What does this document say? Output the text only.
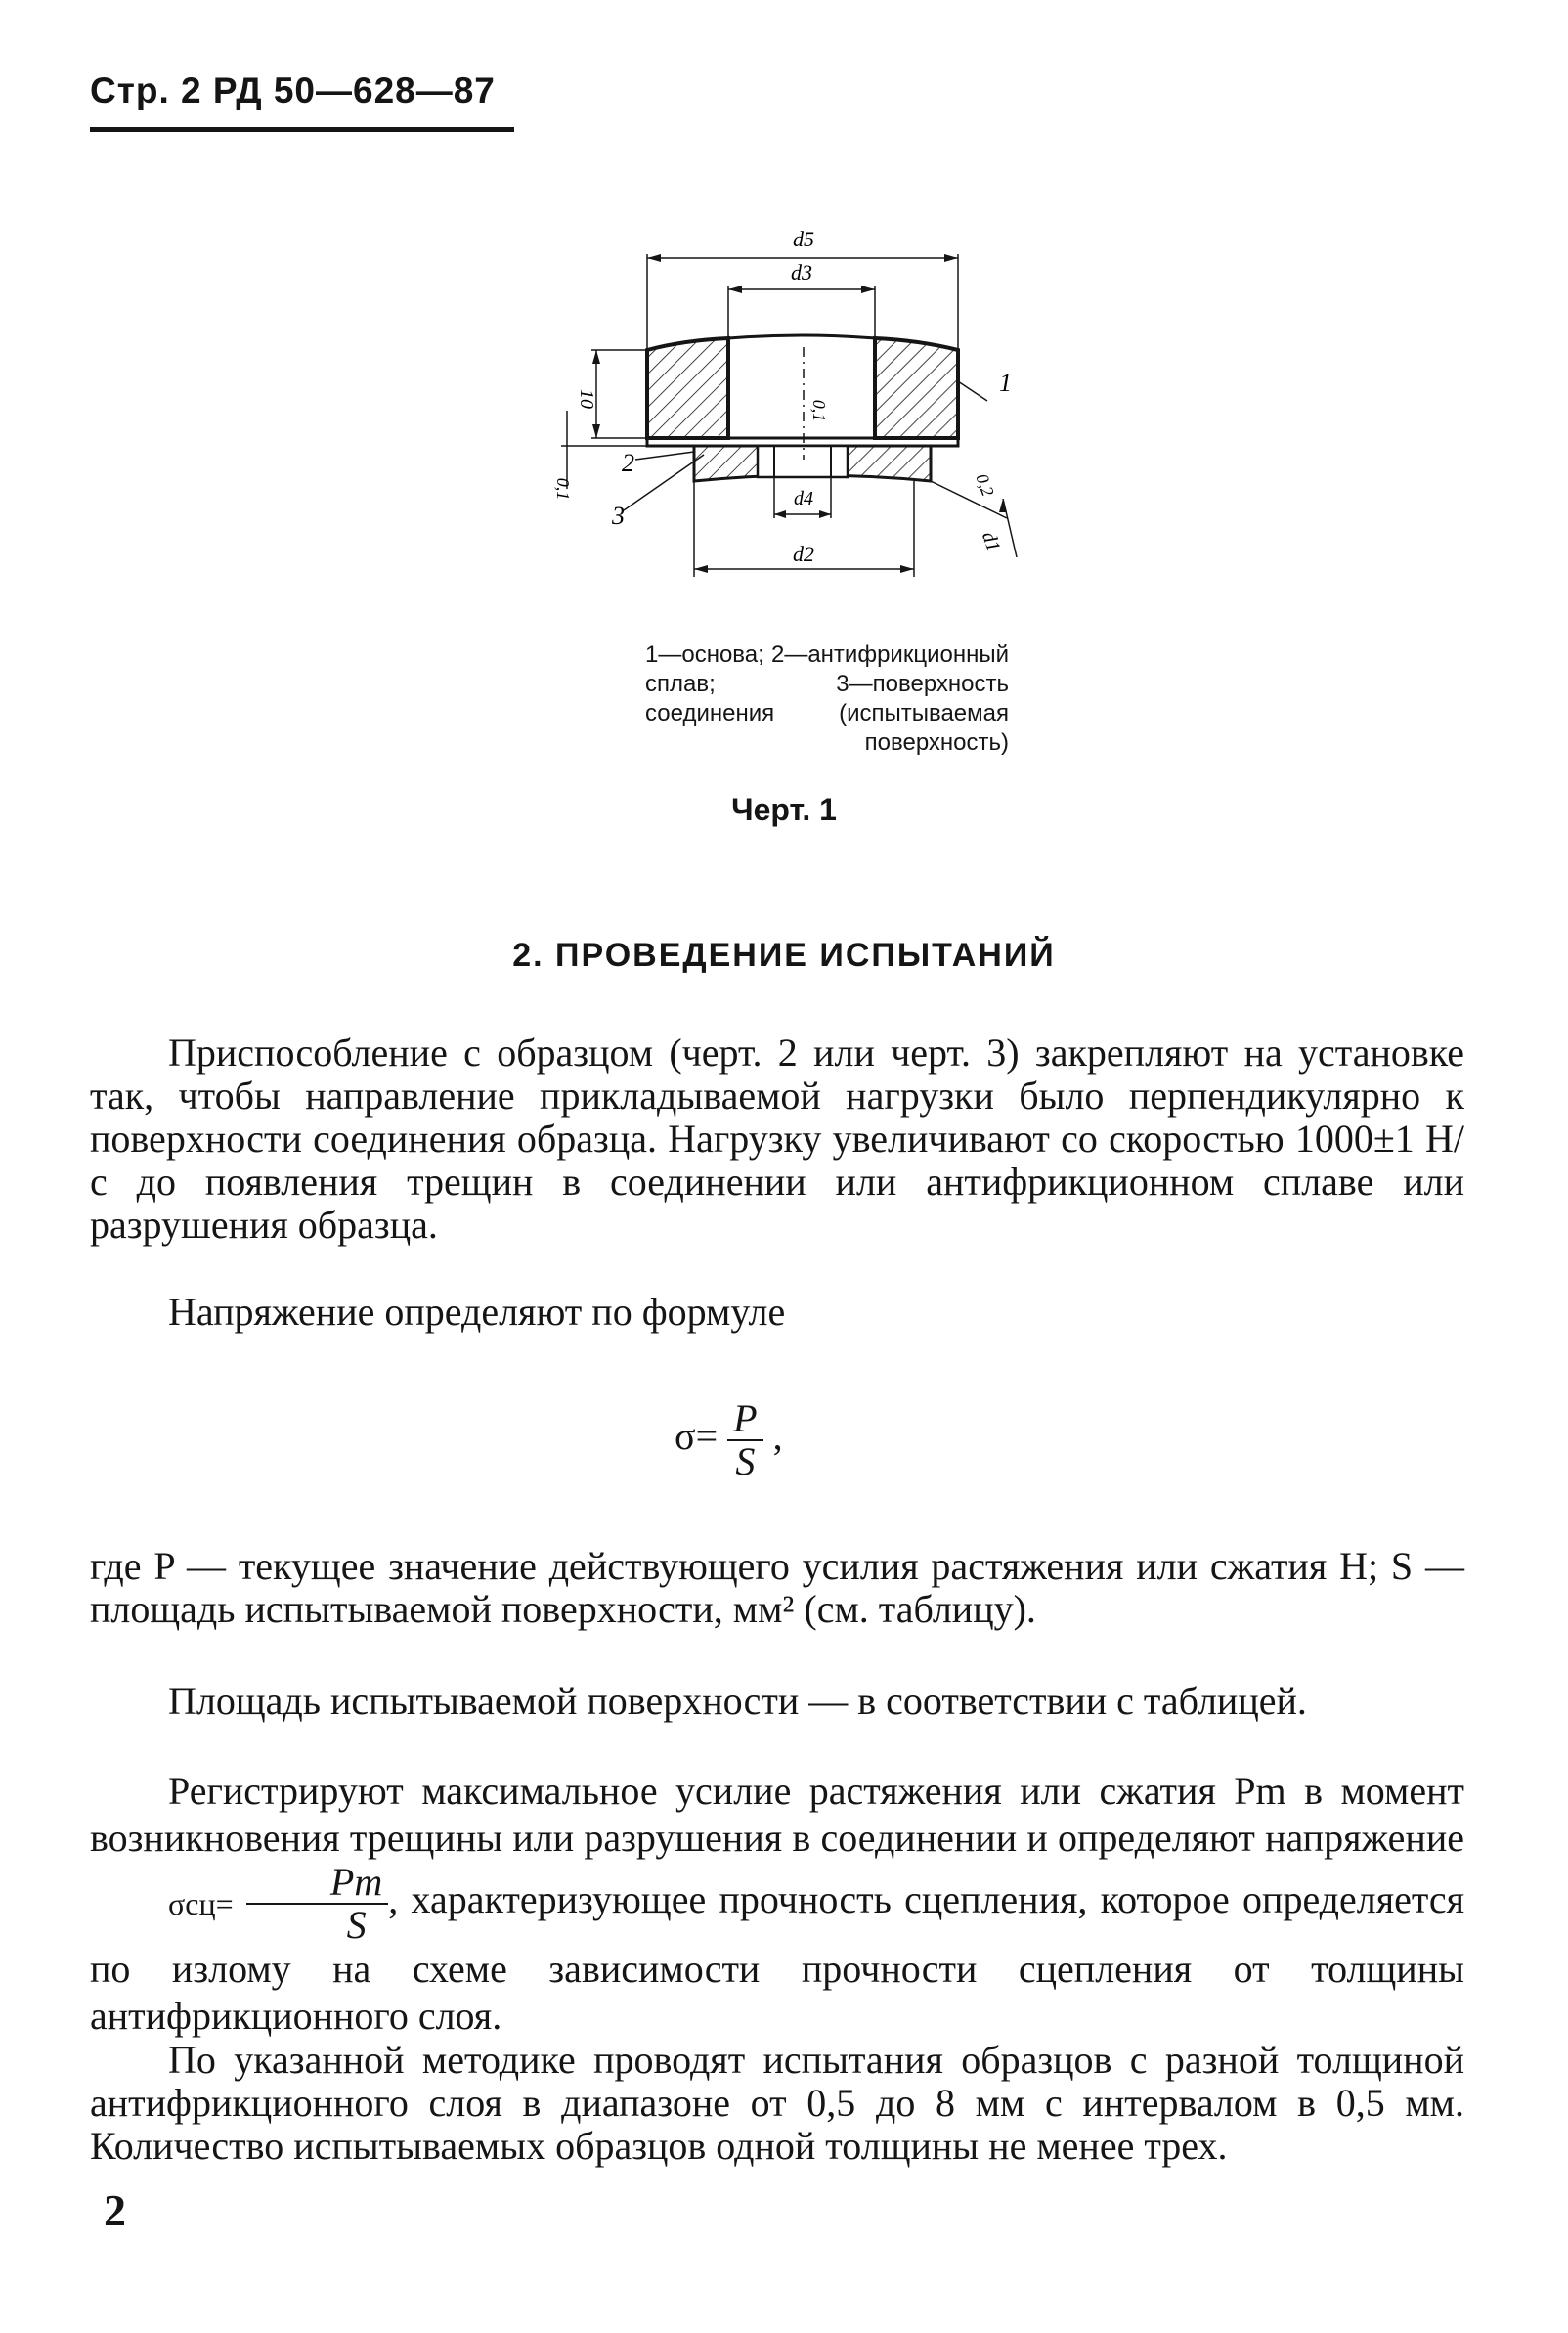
Стр. 2 РД 50—628—87
d5
d3
10
0,1
0,1
d4
d2
0,2
d1
1
2
3
1—основа; 2—антифрикционный сплав; 3—поверхность соединения (испытываемая поверхность)
Черт. 1
2. ПРОВЕДЕНИЕ ИСПЫТАНИЙ

Приспособление с образцом (черт. 2 или черт. 3) закрепляют на установке так, чтобы направление прикладываемой нагрузки было перпендикулярно к поверхности соединения образца. Нагрузку увеличивают со скоростью 1000±1 Н/с до появления трещин в соединении или антифрикционном сплаве или разрушения образца.

Напряжение определяют по формуле

$\sigma= \frac{P}{S}$ ,

где P — текущее значение действующего усилия растяжения или сжатия H; S — площадь испытываемой поверхности, мм² (см. таблицу).

Площадь испытываемой поверхности — в соответствии с таблицей.

Регистрируют максимальное усилие растяжения или сжатия Pm в момент возникновения трещины или разрушения в соединении и определяют напряжение $\sigma сц= \frac{Pm}{S}$ , характеризующее прочность сцепления, которое определяется по излому на схеме зависимости прочности сцепления от толщины антифрикционного слоя.

По указанной методике проводят испытания образцов с разной толщиной антифрикционного слоя в диапазоне от 0,5 до 8 мм с интервалом в 0,5 мм. Количество испытываемых образцов одной толщины не менее трех.

2
